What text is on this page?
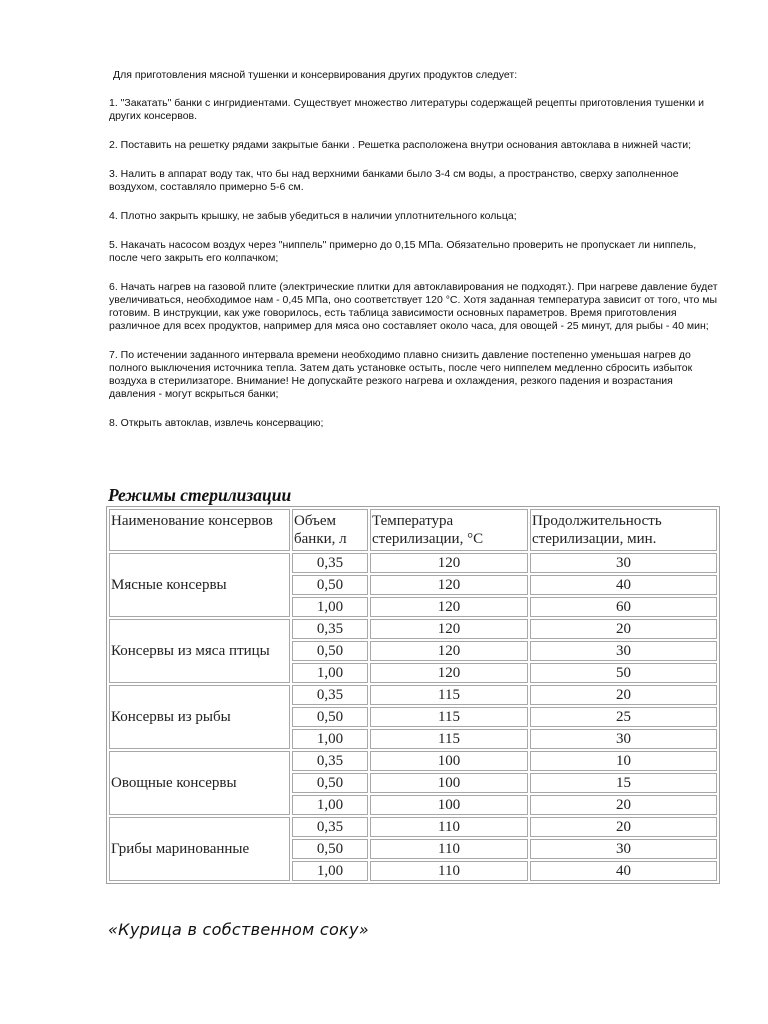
Для приготовления мясной тушенки и консервирования других продуктов следует:

1. "Закатать" банки с ингридиентами. Существует множество литературы содержащей рецепты приготовления тушенки и других консервов.

2. Поставить на решетку рядами закрытые банки . Решетка расположена внутри основания автоклава в нижней части;

3. Налить в аппарат воду так, что бы над верхними банками было 3-4 см воды, а пространство, сверху заполненное воздухом, составляло примерно 5-6 см.

4. Плотно закрыть крышку, не забыв убедиться в наличии уплотнительного кольца;

5. Накачать насосом воздух через "ниппель" примерно до 0,15 МПа. Обязательно проверить не пропускает ли ниппель, после чего закрыть его колпачком;

6. Начать нагрев на газовой плите (электрические плитки для автоклавирования не подходят.). При нагреве давление будет увеличиваться, необходимое нам - 0,45 МПа, оно соответствует 120 °С. Хотя заданная температура зависит от того, что мы готовим. В инструкции, как уже говорилось, есть таблица зависимости основных параметров. Время приготовления различное для всех продуктов, например для мяса оно составляет около часа, для овощей - 25 минут, для рыбы - 40 мин;

7. По истечении заданного интервала времени необходимо плавно снизить давление постепенно уменьшая нагрев до полного выключения источника тепла. Затем дать установке остыть, после чего ниппелем медленно сбросить избыток воздуха в стерилизаторе. Внимание! Не допускайте резкого нагрева и охлаждения, резкого падения и возрастания давления - могут вскрыться банки;

8. Открыть автоклав, извлечь консервацию;

Режимы стерилизации
Наименование консервов	Объем банки, л	Температура стерилизации, °С	Продолжительность стерилизации, мин.
Мясные консервы	0,35	120	30
	0,50	120	40
	1,00	120	60
Консервы из мяса птицы	0,35	120	20
	0,50	120	30
	1,00	120	50
Консервы из рыбы	0,35	115	20
	0,50	115	25
	1,00	115	30
Овощные консервы	0,35	100	10
	0,50	100	15
	1,00	100	20
Грибы маринованные	0,35	110	20
	0,50	110	30
	1,00	110	40
«Курица в собственном соку»
